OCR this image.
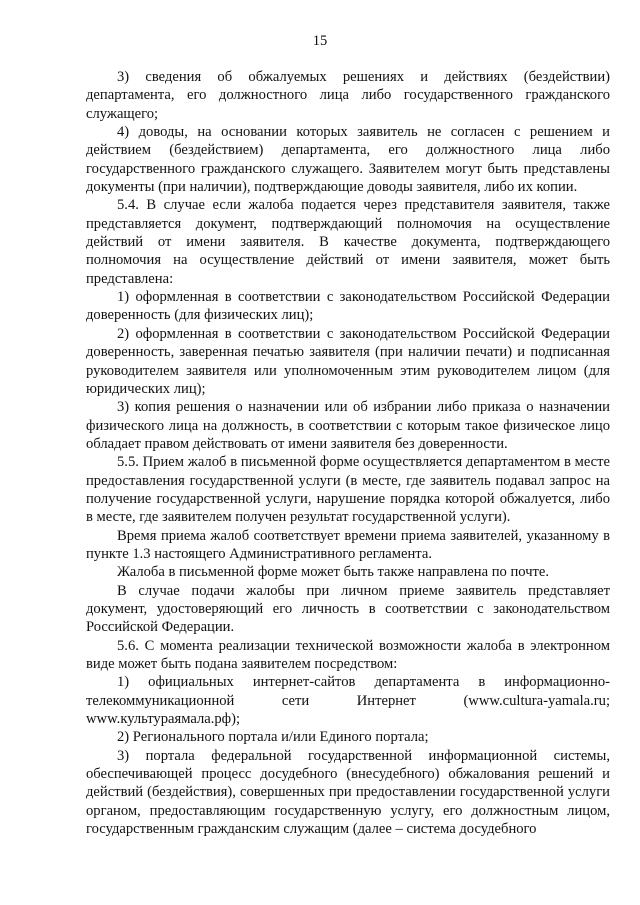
15

3) сведения об обжалуемых решениях и действиях (бездействии) департамента, его должностного лица либо государственного гражданского служащего;

4) доводы, на основании которых заявитель не согласен с решением и действием (бездействием) департамента, его должностного лица либо государственного гражданского служащего. Заявителем могут быть представлены документы (при наличии), подтверждающие доводы заявителя, либо их копии.

5.4. В случае если жалоба подается через представителя заявителя, также представляется документ, подтверждающий полномочия на осуществление действий от имени заявителя. В качестве документа, подтверждающего полномочия на осуществление действий от имени заявителя, может быть представлена:

1) оформленная в соответствии с законодательством Российской Федерации доверенность (для физических лиц);

2) оформленная в соответствии с законодательством Российской Федерации доверенность, заверенная печатью заявителя (при наличии печати) и подписанная руководителем заявителя или уполномоченным этим руководителем лицом (для юридических лиц);

3) копия решения о назначении или об избрании либо приказа о назначении физического лица на должность, в соответствии с которым такое физическое лицо обладает правом действовать от имени заявителя без доверенности.

5.5. Прием жалоб в письменной форме осуществляется департаментом в месте предоставления государственной услуги (в месте, где заявитель подавал запрос на получение государственной услуги, нарушение порядка которой обжалуется, либо в месте, где заявителем получен результат государственной услуги).

Время приема жалоб соответствует времени приема заявителей, указанному в пункте 1.3 настоящего Административного регламента.

Жалоба в письменной форме может быть также направлена по почте.

В случае подачи жалобы при личном приеме заявитель представляет документ, удостоверяющий его личность в соответствии с законодательством Российской Федерации.

5.6. С момента реализации технической возможности жалоба в электронном виде может быть подана заявителем посредством:

1) официальных интернет-сайтов департамента в информационно-телекоммуникационной сети Интернет (www.cultura-yamala.ru; www.культураямала.рф);

2) Регионального портала и/или Единого портала;

3) портала федеральной государственной информационной системы, обеспечивающей процесс досудебного (внесудебного) обжалования решений и действий (бездействия), совершенных при предоставлении государственной услуги органом, предоставляющим государственную услугу, его должностным лицом, государственным гражданским служащим (далее – система досудебного
